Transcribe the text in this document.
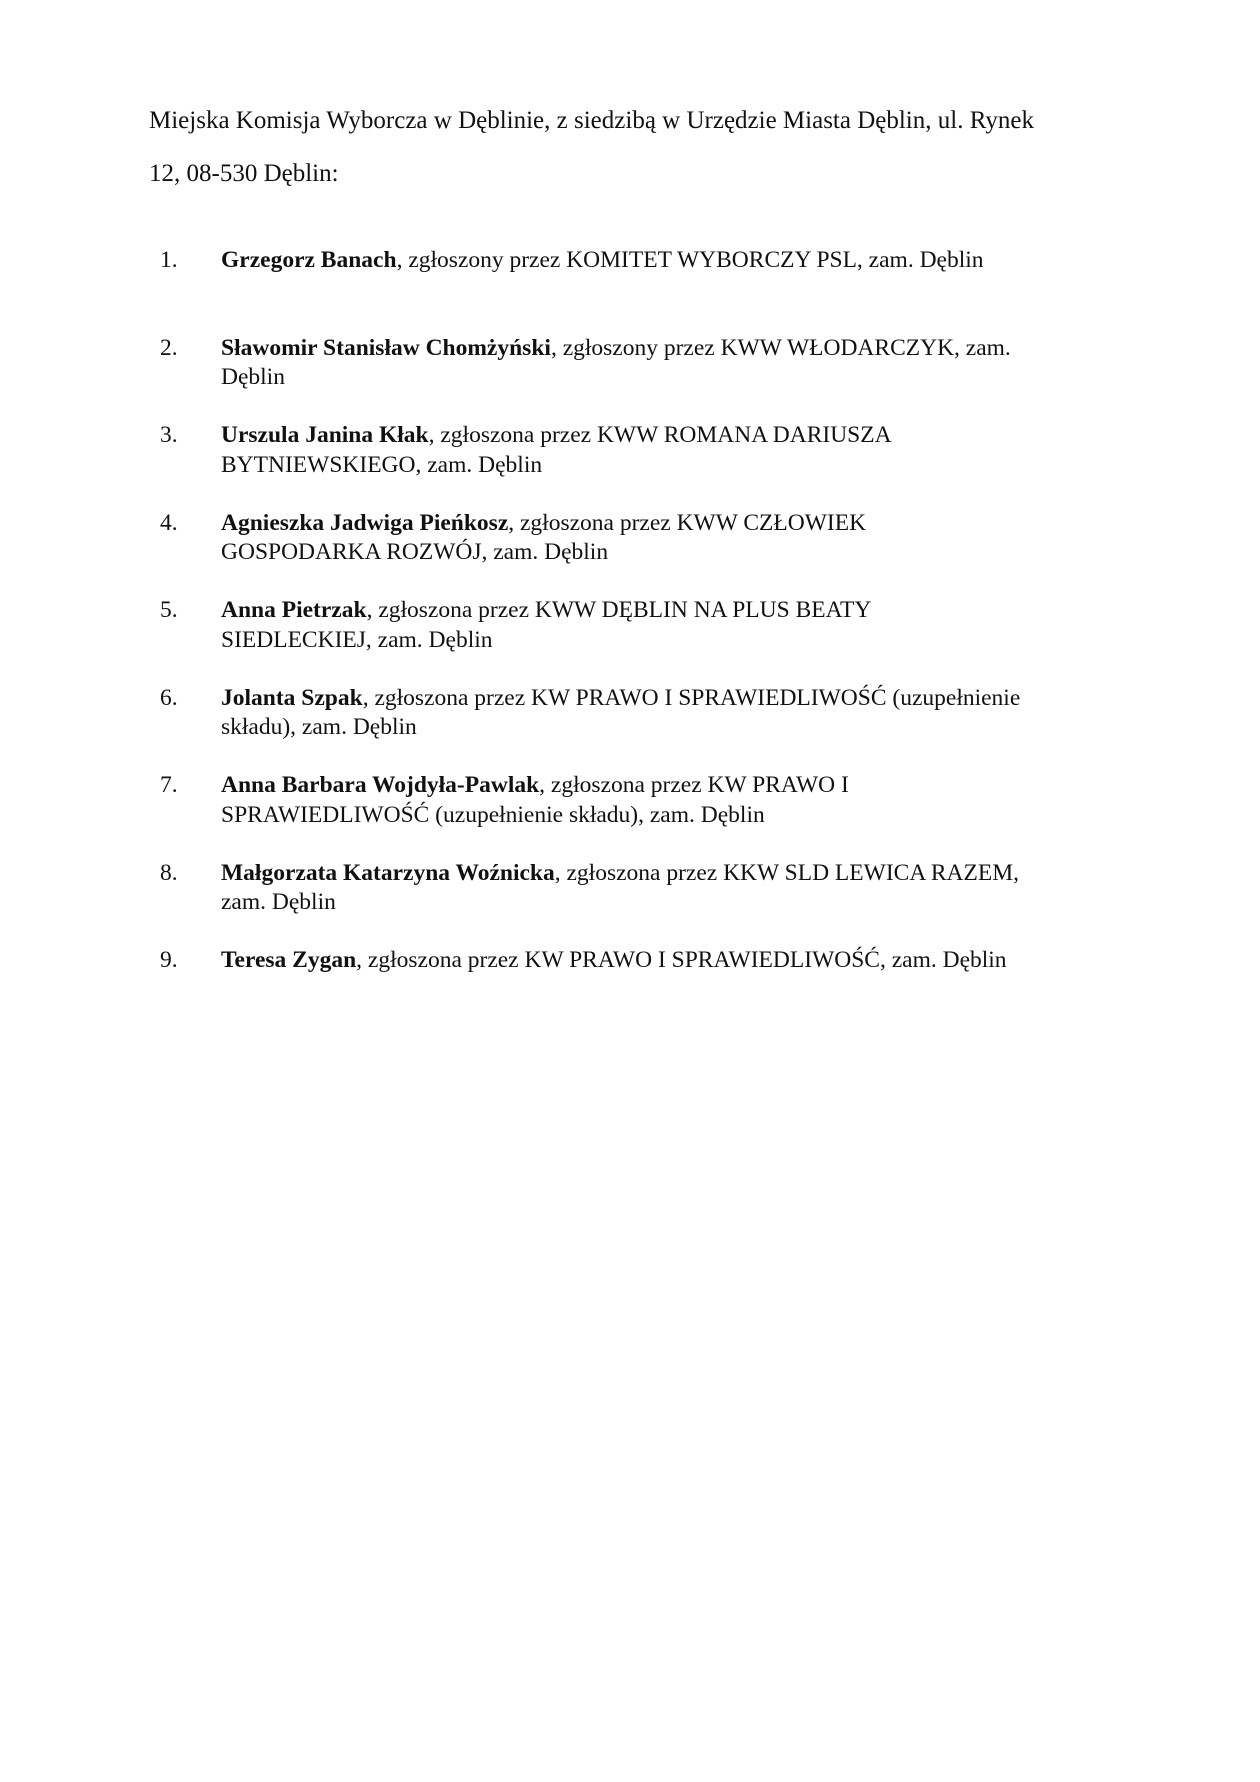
Miejska Komisja Wyborcza w Dęblinie, z siedzibą w Urzędzie Miasta Dęblin, ul. Rynek
12, 08-530 Dęblin:
1. Grzegorz Banach, zgłoszony przez KOMITET WYBORCZY PSL, zam. Dęblin

2. Sławomir Stanisław Chomżyński, zgłoszony przez KWW WŁODARCZYK, zam.
Dęblin
3. Urszula Janina Kłak, zgłoszona przez KWW ROMANA DARIUSZA
BYTNIEWSKIEGO, zam. Dęblin
4. Agnieszka Jadwiga Pieńkosz, zgłoszona przez KWW CZŁOWIEK
GOSPODARKA ROZWÓJ, zam. Dęblin
5. Anna Pietrzak, zgłoszona przez KWW DĘBLIN NA PLUS BEATY
SIEDLECKIEJ, zam. Dęblin
6. Jolanta Szpak, zgłoszona przez KW PRAWO I SPRAWIEDLIWOŚĆ (uzupełnienie
składu), zam. Dęblin
7. Anna Barbara Wojdyła-Pawlak, zgłoszona przez KW PRAWO I
SPRAWIEDLIWOŚĆ (uzupełnienie składu), zam. Dęblin
8. Małgorzata Katarzyna Woźnicka, zgłoszona przez KKW SLD LEWICA RAZEM,
zam. Dęblin
9. Teresa Zygan, zgłoszona przez KW PRAWO I SPRAWIEDLIWOŚĆ, zam. Dęblin
